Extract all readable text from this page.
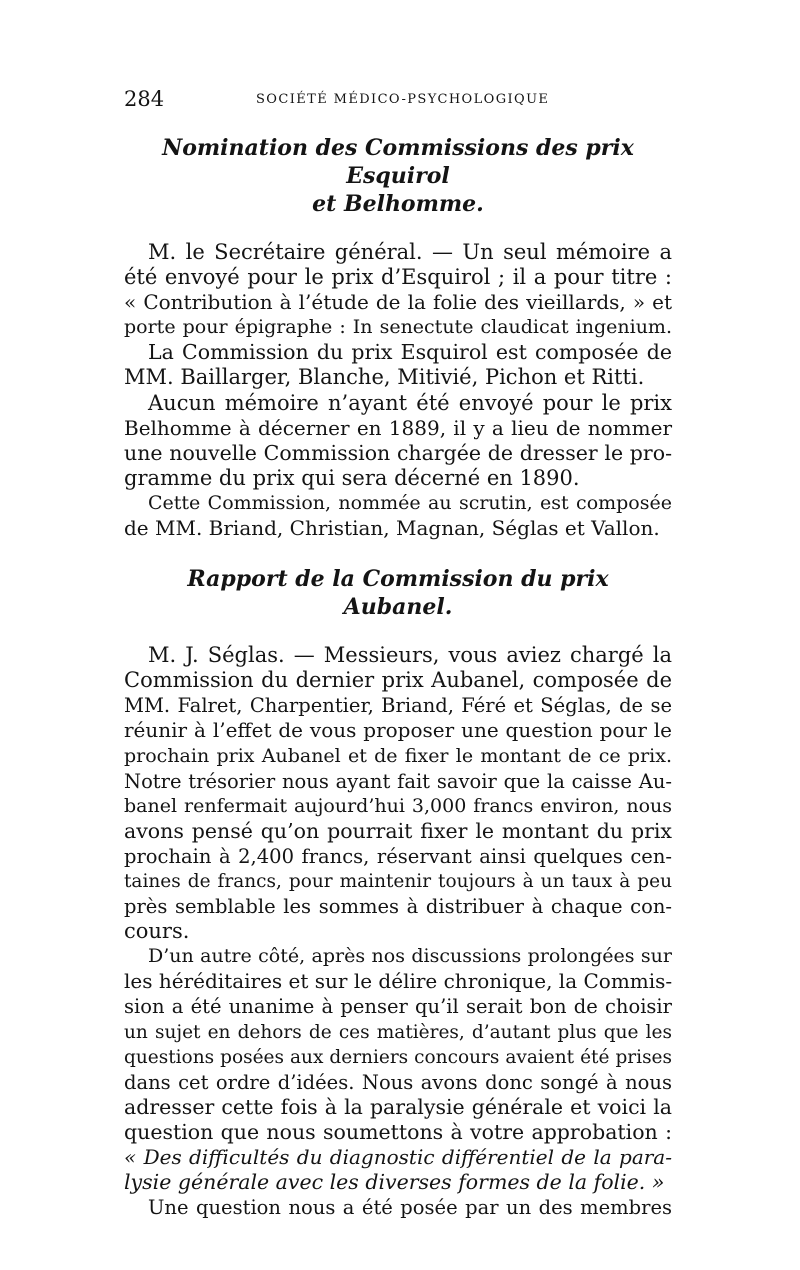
284	SOCIÉTÉ MÉDICO-PSYCHOLOGIQUE
Nomination des Commissions des prix Esquirol
et Belhomme.
M. le Secrétaire général. — Un seul mémoire a
été envoyé pour le prix d’Esquirol ; il a pour titre :
« Contribution à l’étude de la folie des vieillards, » et
porte pour épigraphe : In senectute claudicat ingenium.
La Commission du prix Esquirol est composée de
MM. Baillarger, Blanche, Mitivié, Pichon et Ritti.
Aucun mémoire n’ayant été envoyé pour le prix
Belhomme à décerner en 1889, il y a lieu de nommer
une nouvelle Commission chargée de dresser le pro-
gramme du prix qui sera décerné en 1890.
Cette Commission, nommée au scrutin, est composée
de MM. Briand, Christian, Magnan, Séglas et Vallon.
Rapport de la Commission du prix Aubanel.
M. J. Séglas. — Messieurs, vous aviez chargé la
Commission du dernier prix Aubanel, composée de
MM. Falret, Charpentier, Briand, Féré et Séglas, de se
réunir à l’effet de vous proposer une question pour le
prochain prix Aubanel et de fixer le montant de ce prix.
Notre trésorier nous ayant fait savoir que la caisse Au-
banel renfermait aujourd’hui 3,000 francs environ, nous
avons pensé qu’on pourrait fixer le montant du prix
prochain à 2,400 francs, réservant ainsi quelques cen-
taines de francs, pour maintenir toujours à un taux à peu
près semblable les sommes à distribuer à chaque con-
cours.
D’un autre côté, après nos discussions prolongées sur
les héréditaires et sur le délire chronique, la Commis-
sion a été unanime à penser qu’il serait bon de choisir
un sujet en dehors de ces matières, d’autant plus que les
questions posées aux derniers concours avaient été prises
dans cet ordre d’idées. Nous avons donc songé à nous
adresser cette fois à la paralysie générale et voici la
question que nous soumettons à votre approbation :
« Des difficultés du diagnostic différentiel de la para-
lysie générale avec les diverses formes de la folie. »
Une question nous a été posée par un des membres
